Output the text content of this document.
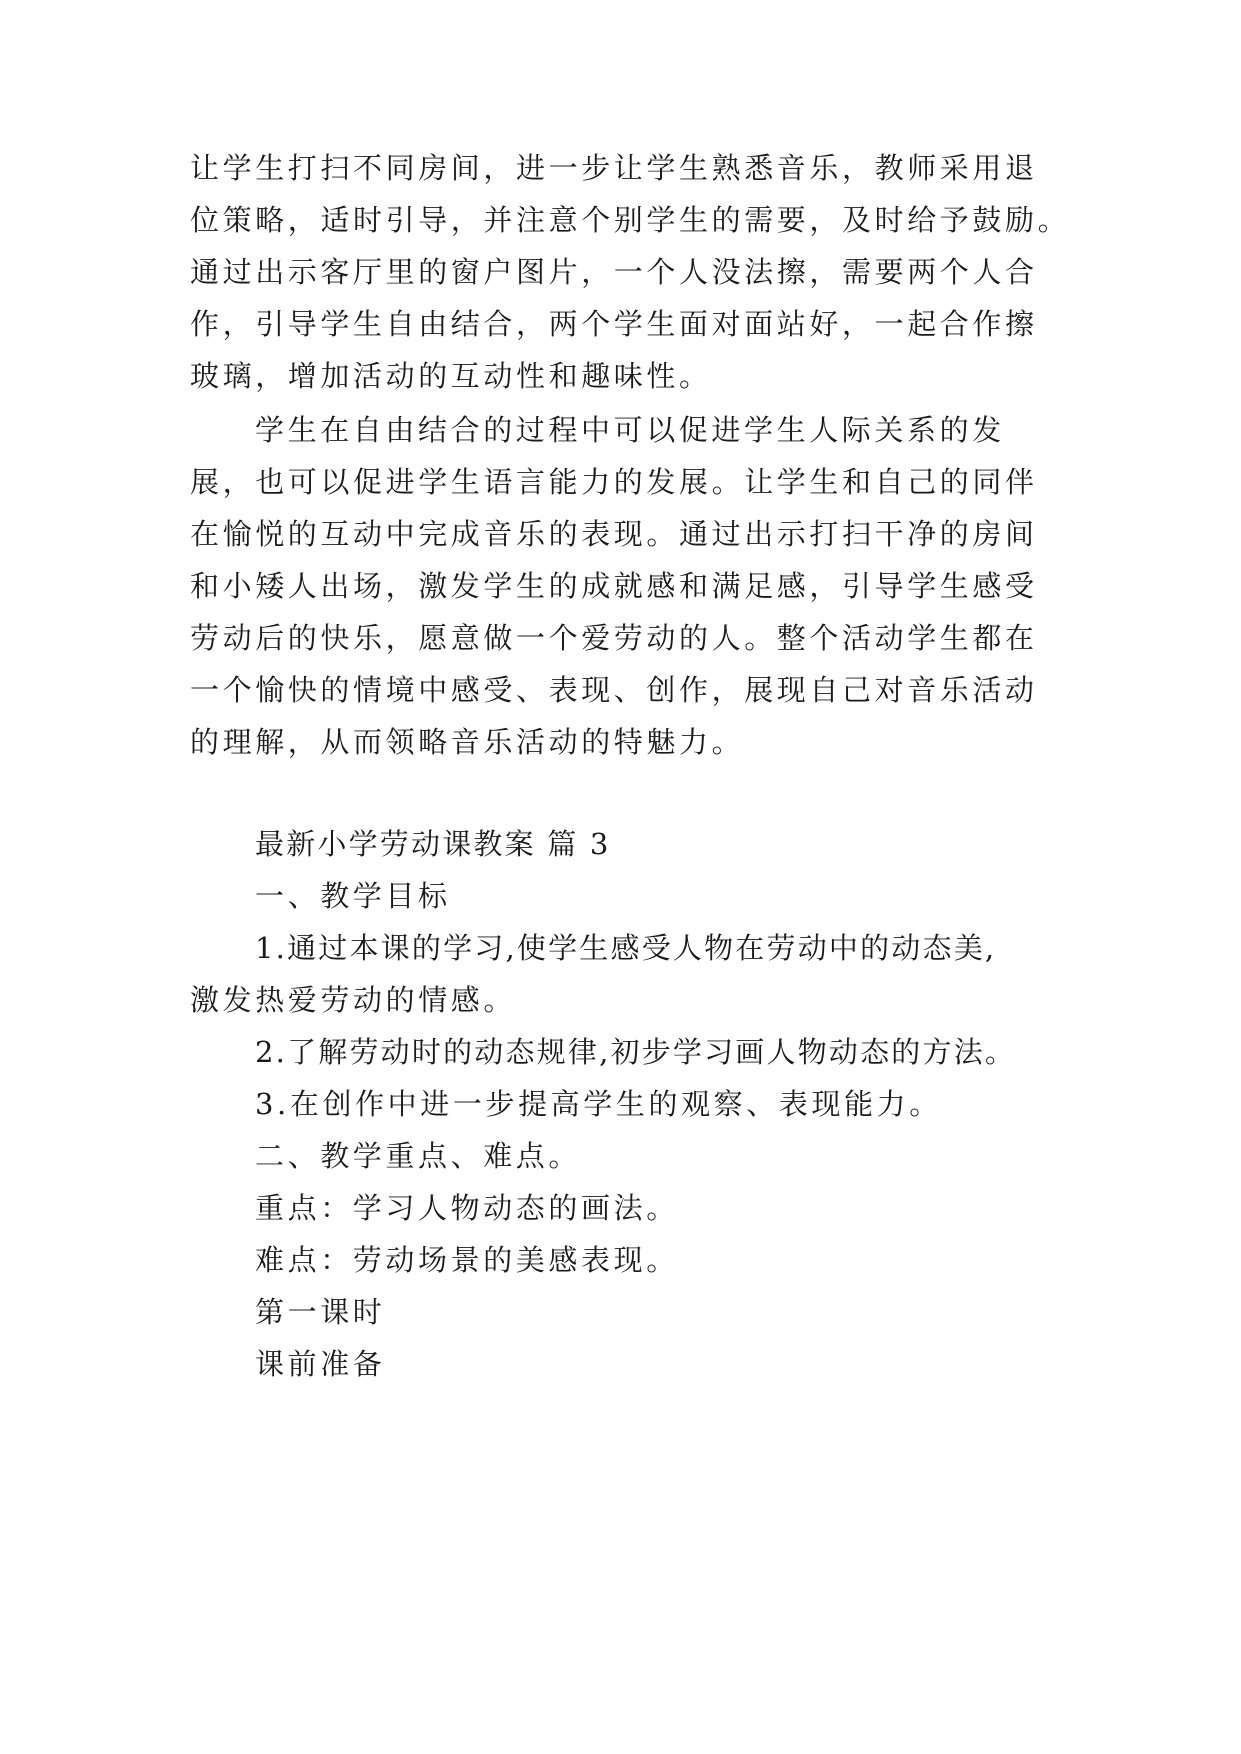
让学生打扫不同房间，进一步让学生熟悉音乐，教师采用退
位策略，适时引导，并注意个别学生的需要，及时给予鼓励。
通过出示客厅里的窗户图片，一个人没法擦，需要两个人合
作，引导学生自由结合，两个学生面对面站好，一起合作擦
玻璃，增加活动的互动性和趣味性。
学生在自由结合的过程中可以促进学生人际关系的发
展，也可以促进学生语言能力的发展。让学生和自己的同伴
在愉悦的互动中完成音乐的表现。通过出示打扫干净的房间
和小矮人出场，激发学生的成就感和满足感，引导学生感受
劳动后的快乐，愿意做一个爱劳动的人。整个活动学生都在
一个愉快的情境中感受、表现、创作，展现自己对音乐活动
的理解，从而领略音乐活动的特魅力。
最新小学劳动课教案 篇 3
一、教学目标
1.通过本课的学习,使学生感受人物在劳动中的动态美,
激发热爱劳动的情感。
2.了解劳动时的动态规律,初步学习画人物动态的方法。
3.在创作中进一步提高学生的观察、表现能力。
二、教学重点、难点。
重点：学习人物动态的画法。
难点：劳动场景的美感表现。
第一课时
课前准备
